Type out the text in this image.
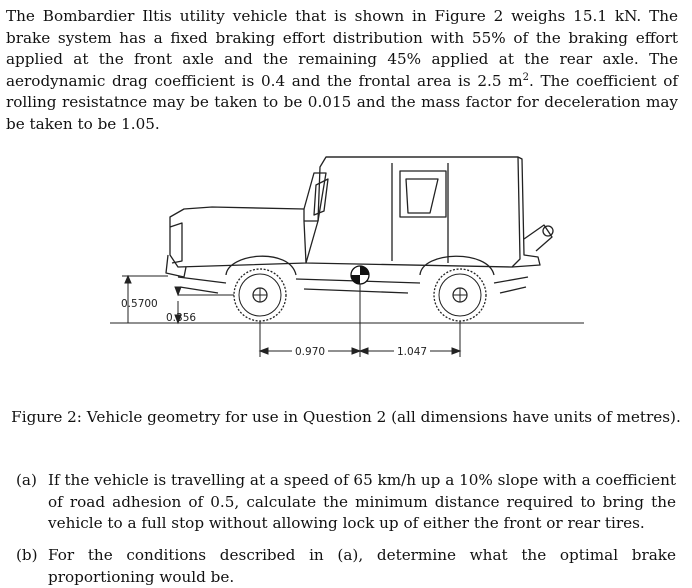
The Bombardier Iltis utility vehicle that is shown in Figure 2 weighs 15.1 kN. The brake system has a fixed braking effort distribution with 55% of the braking effort applied at the front axle and the remaining 45% applied at the rear axle. The aerodynamic drag coefficient is 0.4 and the frontal area is 2.5 $m^2$. The coefficient of rolling resistatnce may be taken to be 0.015 and the mass factor for deceleration may be taken to be 1.05.
0.5700
0.356
0.970	1.047
Figure 2: Vehicle geometry for use in Question 2 (all dimensions have units of metres).
(a) If the vehicle is travelling at a speed of 65 km/h up a 10% slope with a coefficient of road adhesion of 0.5, calculate the minimum distance required to bring the vehicle to a full stop without allowing lock up of either the front or rear tires.
(b) For the conditions described in (a), determine what the optimal brake proportioning would be.
